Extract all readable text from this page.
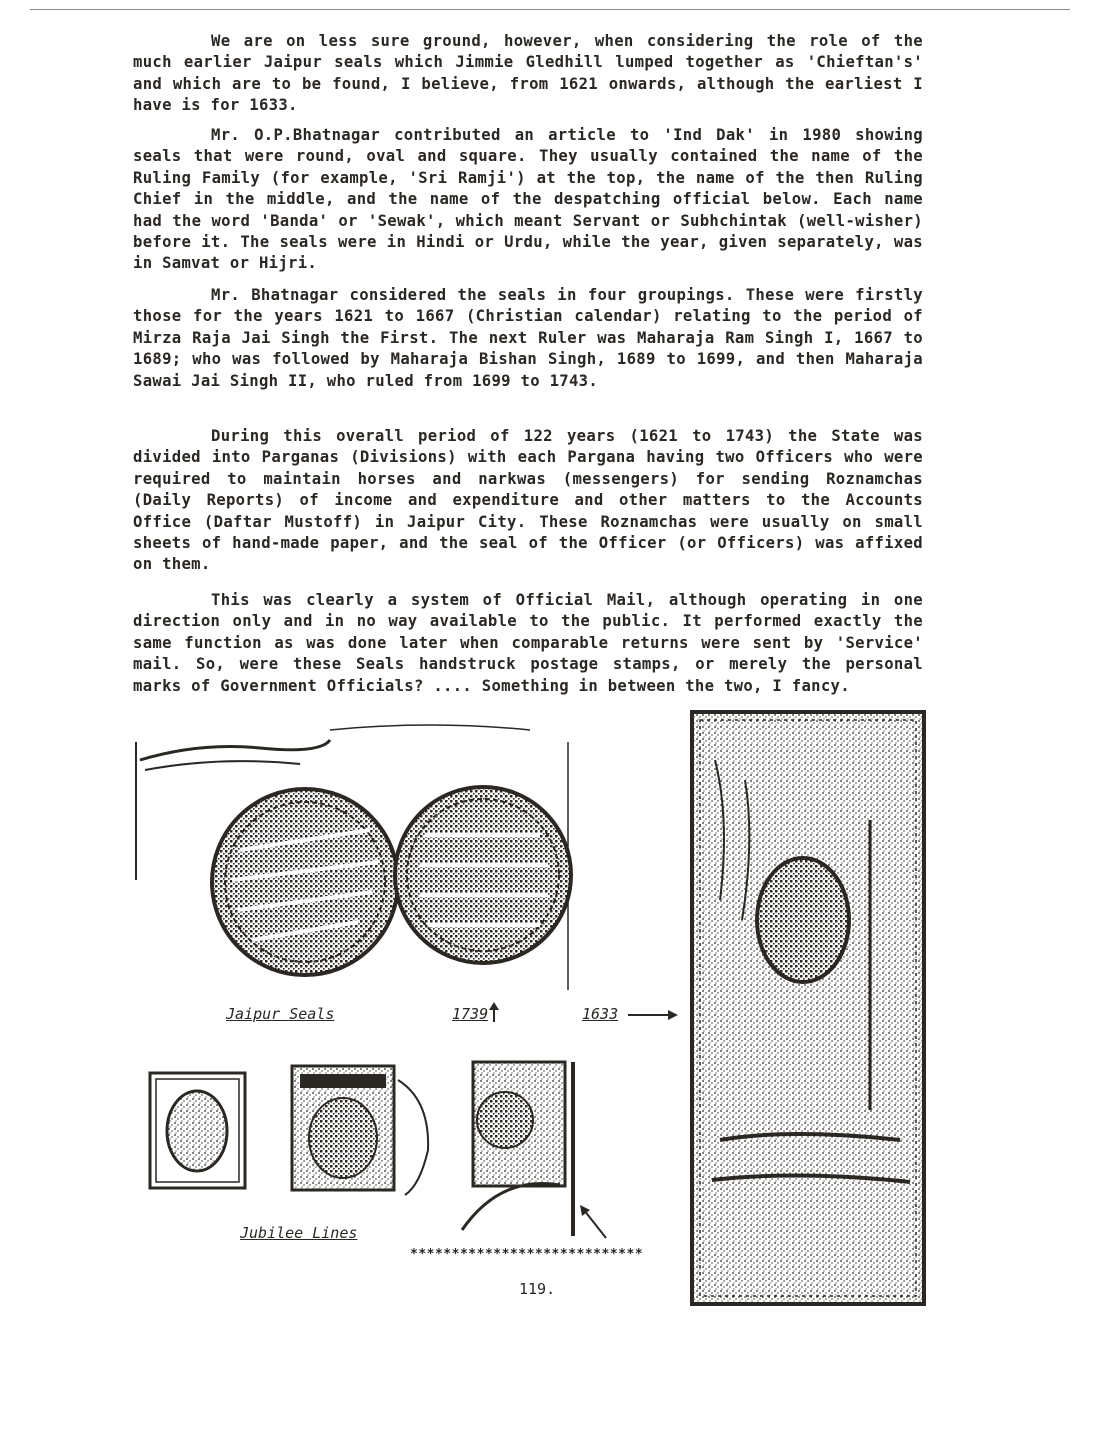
We are on less sure ground, however, when considering the role of the much earlier Jaipur seals which Jimmie Gledhill lumped together as 'Chieftan's' and which are to be found, I believe, from 1621 onwards, although the earliest I have is for 1633.

Mr. O.P.Bhatnagar contributed an article to 'Ind Dak' in 1980 showing seals that were round, oval and square. They usually contained the name of the Ruling Family (for example, 'Sri Ramji') at the top, the name of the then Ruling Chief in the middle, and the name of the despatching official below. Each name had the word 'Banda' or 'Sewak', which meant Servant or Subhchintak (well-wisher) before it. The seals were in Hindi or Urdu, while the year, given separately, was in Samvat or Hijri.

Mr. Bhatnagar considered the seals in four groupings. These were firstly those for the years 1621 to 1667 (Christian calendar) relating to the period of Mirza Raja Jai Singh the First. The next Ruler was Maharaja Ram Singh I, 1667 to 1689; who was followed by Maharaja Bishan Singh, 1689 to 1699, and then Maharaja Sawai Jai Singh II, who ruled from 1699 to 1743.

During this overall period of 122 years (1621 to 1743) the State was divided into Parganas (Divisions) with each Pargana having two Officers who were required to maintain horses and narkwas (messengers) for sending Roznamchas (Daily Reports) of income and expenditure and other matters to the Accounts Office (Daftar Mustoff) in Jaipur City. These Roznamchas were usually on small sheets of hand-made paper, and the seal of the Officer (or Officers) was affixed on them.

This was clearly a system of Official Mail, although operating in one direction only and in no way available to the public. It performed exactly the same function as was done later when comparable returns were sent by 'Service' mail. So, were these Seals handstruck postage stamps, or merely the personal marks of Government Officials? .... Something in between the two, I fancy.

Jaipur Seals	1739	1633
Jubilee Lines
****************************
119.
